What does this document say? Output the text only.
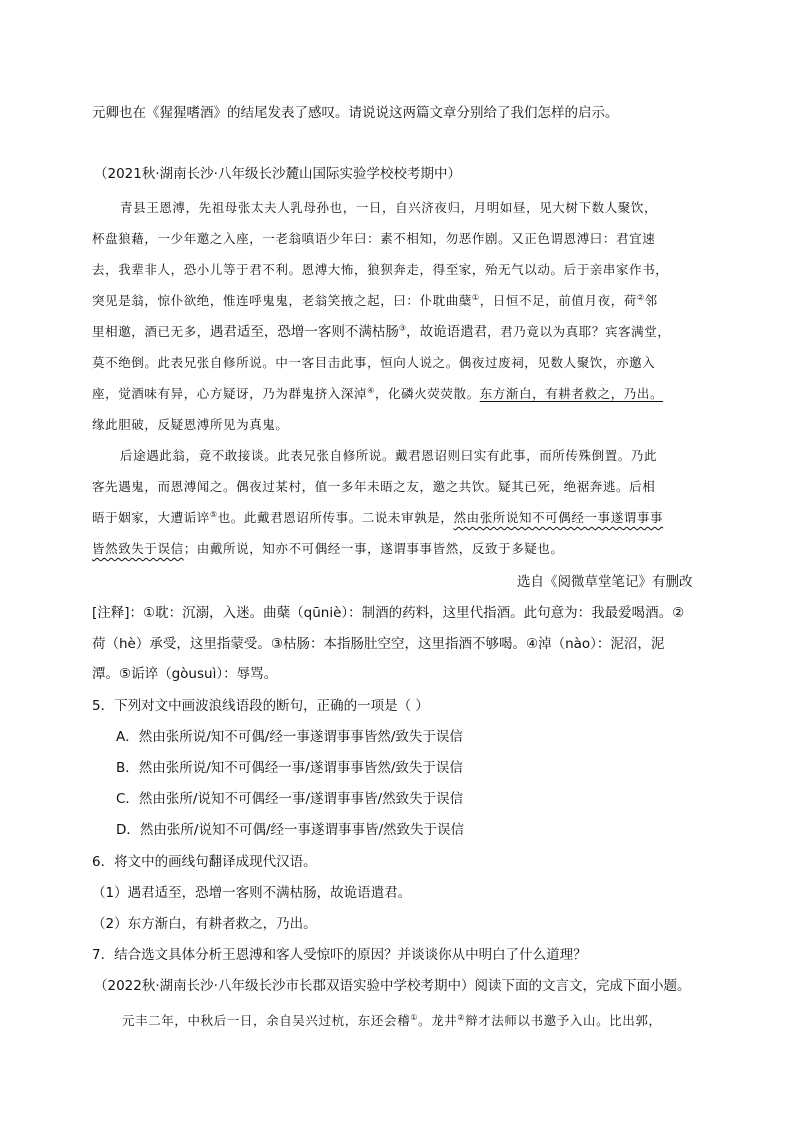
元卿也在《猩猩嗜酒》的结尾发表了感叹。请说说这两篇文章分别给了我们怎样的启示。
（2021秋·湖南长沙·八年级长沙麓山国际实验学校校考期中）
青县王恩溥，先祖母张太夫人乳母孙也，一日，自兴济夜归，月明如昼，见大树下数人聚饮，
杯盘狼藉，一少年邀之入座，一老翁嗔语少年曰：素不相知，勿恶作剧。又正色谓恩溥曰：君宜速
去，我辈非人，恐小儿等于君不利。恩溥大怖，狼狈奔走，得至家，殆无气以动。后于亲串家作书，
突见是翁，惊仆欲绝，惟连呼鬼鬼，老翁笑掖之起，曰：仆耽曲蘖①，日恒不足，前值月夜，荷②邻
里相邀，酒已无多，遇君适至，恐增一客则不满枯肠③，故诡语遣君，君乃竟以为真耶？宾客满堂，
莫不绝倒。此表兄张自修所说。中一客目击此事，恒向人说之。偶夜过废祠，见数人聚饮，亦邀入
座，觉酒味有异，心方疑讶，乃为群鬼挤入深淖④，化磷火荧荧散。东方渐白，有耕者救之，乃出。
缘此胆破，反疑恩溥所见为真鬼。
后途遇此翁，竟不敢接谈。此表兄张自修所说。戴君恩诏则曰实有此事，而所传殊倒置。乃此
客先遇鬼，而恩溥闻之。偶夜过某村，值一多年未晤之友，邀之共饮。疑其已死，绝裾奔逃。后相
晤于姻家，大遭诟谇⑤也。此戴君恩诏所传事。二说未审孰是，然由张所说知不可偶经一事遂谓事事
皆然致失于误信；由戴所说，知亦不可偶经一事，遂谓事事皆然，反致于多疑也。
选自《阅微草堂笔记》有删改
[注释]：①耽：沉溺，入迷。曲蘖（qūniè）：制酒的药料，这里代指酒。此句意为：我最爱喝酒。②
荷（hè）承受，这里指蒙受。③枯肠：本指肠肚空空，这里指酒不够喝。④淖（nào）：泥沼，泥
潭。⑤诟谇（gòusuì）：辱骂。
5．下列对文中画波浪线语段的断句，正确的一项是（ ）
A．然由张所说/知不可偶/经一事遂谓事事皆然/致失于误信
B．然由张所说/知不可偶经一事/遂谓事事皆然/致失于误信
C．然由张所/说知不可偶经一事/遂谓事事皆/然致失于误信
D．然由张所/说知不可偶/经一事遂谓事事皆/然致失于误信
6．将文中的画线句翻译成现代汉语。
（1）遇君适至，恐增一客则不满枯肠，故诡语遣君。
（2）东方渐白，有耕者救之，乃出。
7．结合选文具体分析王恩溥和客人受惊吓的原因？并谈谈你从中明白了什么道理？
（2022秋·湖南长沙·八年级长沙市长郡双语实验中学校考期中）阅读下面的文言文，完成下面小题。
元丰二年，中秋后一日，余自吴兴过杭，东还会稽①。龙井②辩才法师以书邀予入山。比出郭，
